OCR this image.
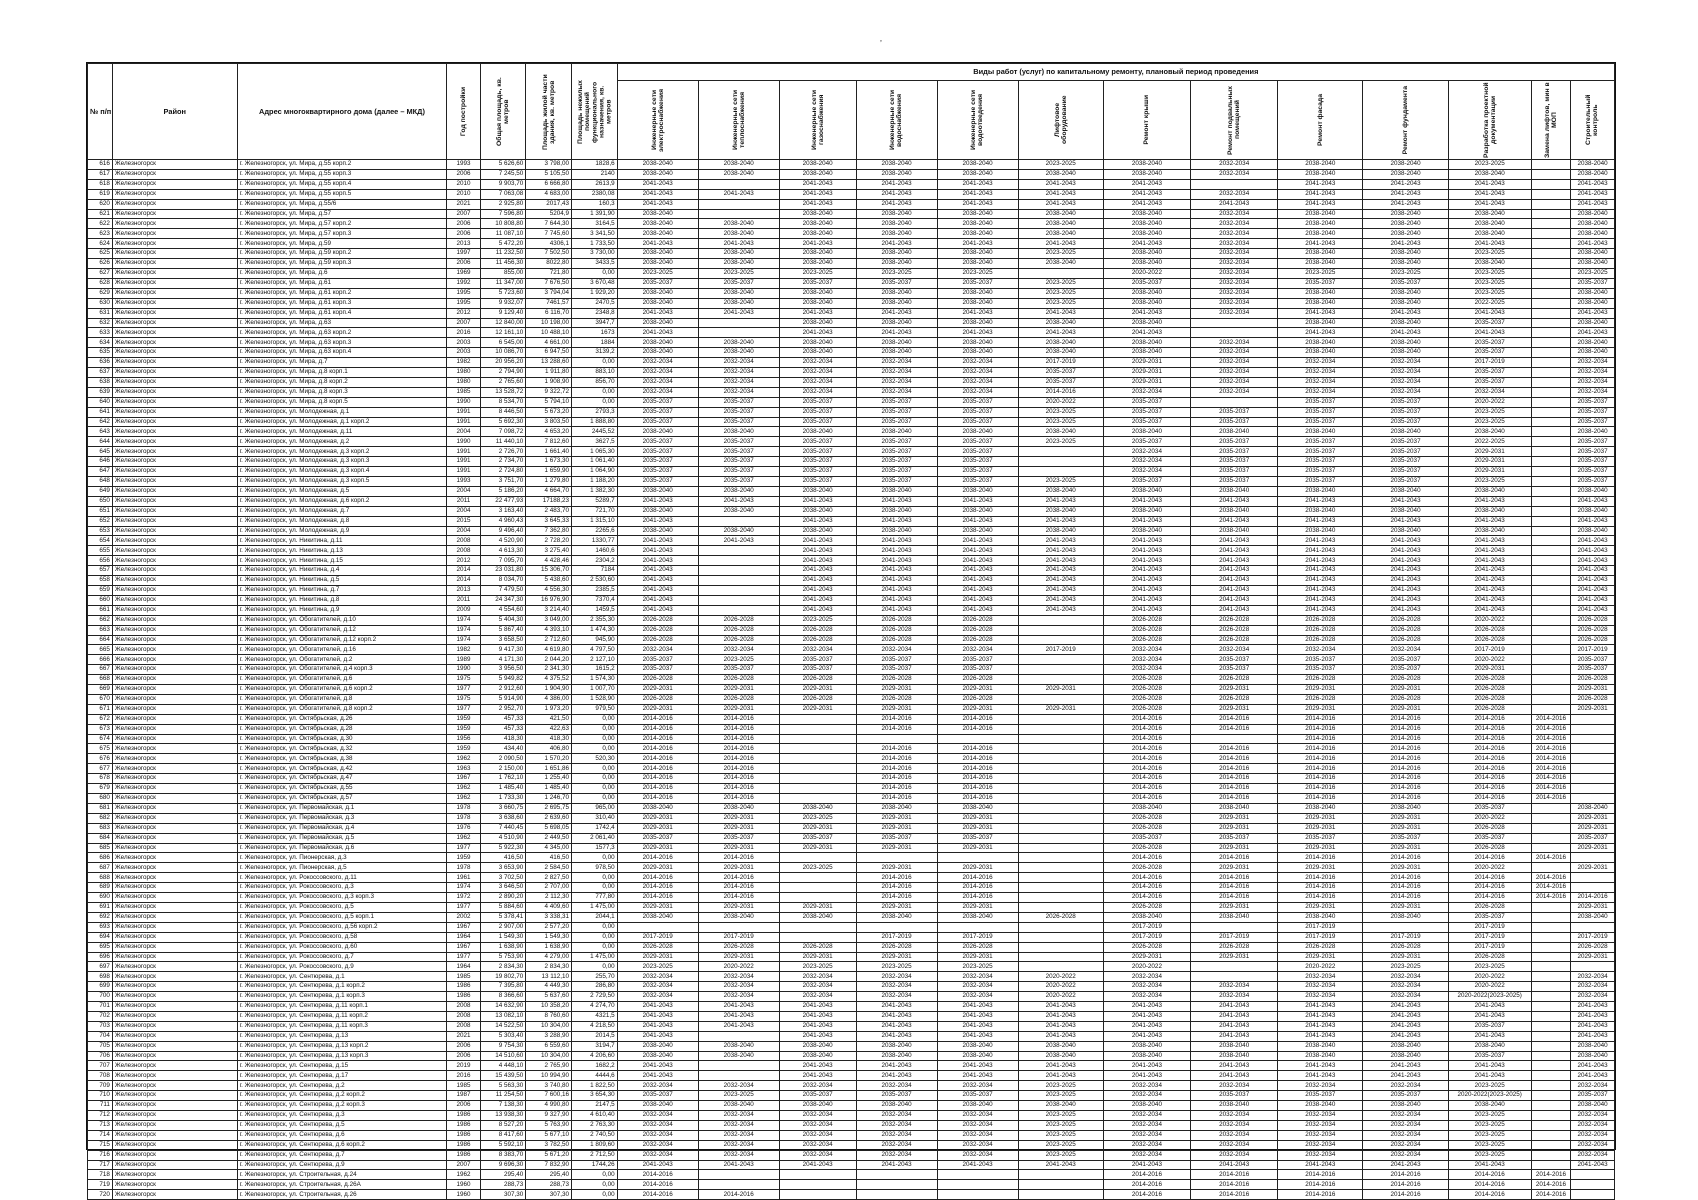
,
№ п/п	Район	Адрес многоквартирного дома (далее – МКД)	Год постройки	Общая площадь, кв. метров	Площадь жилой части здания, кв. метров	Площадь нежилых помещений функционального назначения, кв. метров	Виды работ (услуг) по капитальному ремонту, плановый период проведения												

							Инженерные сети электроснабжения	Инженерные сети теплоснабжения	Инженерные сети газоснабжения	Инженерные сети водоснабжения	Инженерные сети водоотведения	Лифтовое оборудование	Ремонт крыши	Ремонт подвальных помещений	Ремонт фасада	Ремонт фундамента	Разработка проектной документации	Замена лифтов, мин в МОП	Строительный контроль

616	Железногорск	г. Железногорск, ул. Мира, д.55 корп.2	1993	5 626,60	3 798,00	1828,6	2038-2040	2038-2040	2038-2040	2038-2040	2038-2040	2023-2025	2038-2040	2032-2034	2038-2040	2038-2040	2023-2025		2038-2040
617	Железногорск	г. Железногорск, ул. Мира, д.55 корп.3	2006	7 245,50	5 105,50	2140	2038-2040	2038-2040	2038-2040	2038-2040	2038-2040	2038-2040	2038-2040	2032-2034	2038-2040	2038-2040	2038-2040		2038-2040
618	Железногорск	г. Железногорск, ул. Мира, д.55 корп.4	2010	9 903,70	6 666,80	2613,9	2041-2043		2041-2043	2041-2043	2041-2043	2041-2043	2041-2043		2041-2043	2041-2043	2041-2043		2041-2043
619	Железногорск	г. Железногорск, ул. Мира, д.55 корп.5	2010	7 063,08	4 683,00	2380,08	2041-2043	2041-2043	2041-2043	2041-2043	2041-2043	2041-2043	2041-2043	2032-2034	2041-2043	2041-2043	2041-2043		2041-2043
620	Железногорск	г. Железногорск, ул. Мира, д.55/6	2021	2 925,80	2017,43	160,3	2041-2043		2041-2043	2041-2043	2041-2043	2041-2043	2041-2043	2041-2043	2041-2043	2041-2043	2041-2043		2041-2043
621	Железногорск	г. Железногорск, ул. Мира, д.57	2007	7 596,80	5204,9	1 391,90	2038-2040		2038-2040	2038-2040	2038-2040	2038-2040	2038-2040	2032-2034	2038-2040	2038-2040	2038-2040		2038-2040
622	Железногорск	г. Железногорск, ул. Мира, д.57 корп.2	2006	10 808,80	7 644,30	3164,5	2038-2040	2038-2040	2038-2040	2038-2040	2038-2040	2038-2040	2038-2040	2032-2034	2038-2040	2038-2040	2038-2040		2038-2040
623	Железногорск	г. Железногорск, ул. Мира, д.57 корп.3	2006	11 087,10	7 745,60	3 341,50	2038-2040	2038-2040	2038-2040	2038-2040	2038-2040	2038-2040	2038-2040	2032-2034	2038-2040	2038-2040	2038-2040		2038-2040
624	Железногорск	г. Железногорск, ул. Мира, д.59	2013	5 472,20	4306,1	1 733,50	2041-2043	2041-2043	2041-2043	2041-2043	2041-2043	2041-2043	2041-2043	2032-2034	2041-2043	2041-2043	2041-2043		2041-2043
625	Железногорск	г. Железногорск, ул. Мира, д.59 корп.2	1997	11 232,50	7 502,50	3 730,00	2038-2040	2038-2040	2038-2040	2038-2040	2038-2040	2023-2025	2038-2040	2032-2034	2038-2040	2038-2040	2023-2025		2038-2040
626	Железногорск	г. Железногорск, ул. Мира, д.59 корп.3	2006	11 456,30	8022,80	3433,5	2038-2040	2038-2040	2038-2040	2038-2040	2038-2040	2038-2040	2038-2040	2032-2034	2038-2040	2038-2040	2038-2040		2038-2040
627	Железногорск	г. Железногорск, ул. Мира, д.6	1969	855,00	721,80	0,00	2023-2025	2023-2025	2023-2025	2023-2025	2023-2025		2020-2022	2032-2034	2023-2025	2023-2025	2023-2025		2023-2025
628	Железногорск	г. Железногорск, ул. Мира, д.61	1992	11 347,00	7 676,50	3 670,48	2035-2037	2035-2037	2035-2037	2035-2037	2035-2037	2023-2025	2035-2037	2032-2034	2035-2037	2035-2037	2023-2025		2035-2037
629	Железногорск	г. Железногорск, ул. Мира, д.61 корп.2	1995	5 723,60	3 794,04	1 929,20	2038-2040	2038-2040	2038-2040	2038-2040	2038-2040	2023-2025	2038-2040	2032-2034	2038-2040	2038-2040	2023-2025		2038-2040
630	Железногорск	г. Железногорск, ул. Мира, д.61 корп.3	1995	9 932,07	7461,57	2470,5	2038-2040	2038-2040	2038-2040	2038-2040	2038-2040	2023-2025	2038-2040	2032-2034	2038-2040	2038-2040	2022-2025		2038-2040
631	Железногорск	г. Железногорск, ул. Мира, д.61 корп.4	2012	9 129,40	6 116,70	2348,8	2041-2043	2041-2043	2041-2043	2041-2043	2041-2043	2041-2043	2041-2043	2032-2034	2041-2043	2041-2043	2041-2043		2041-2043
632	Железногорск	г. Железногорск, ул. Мира, д.63	2007	12 840,00	10 198,00	3947,7	2038-2040		2038-2040	2038-2040	2038-2040	2038-2040	2038-2040		2038-2040	2038-2040	2035-2037		2038-2040
633	Железногорск	г. Железногорск, ул. Мира, д.63 корп.2	2016	12 161,10	10 488,10	1673	2041-2043		2041-2043	2041-2043	2041-2043	2041-2043	2041-2043		2041-2043	2041-2043	2041-2043		2041-2043
634	Железногорск	г. Железногорск, ул. Мира, д.63 корп.3	2003	6 545,00	4 661,00	1884	2038-2040	2038-2040	2038-2040	2038-2040	2038-2040	2038-2040	2038-2040	2032-2034	2038-2040	2038-2040	2035-2037		2038-2040
635	Железногорск	г. Железногорск, ул. Мира, д.63 корп.4	2003	10 086,70	6 947,50	3139,2	2038-2040	2038-2040	2038-2040	2038-2040	2038-2040	2038-2040	2038-2040	2032-2034	2038-2040	2038-2040	2035-2037		2038-2040
636	Железногорск	г. Железногорск, ул. Мира, д.7	1982	20 956,20	13 288,60	0,00	2032-2034	2032-2034	2032-2034	2032-2034	2032-2034	2017-2019	2029-2031	2032-2034	2032-2034	2032-2034	2017-2019		2032-2034
637	Железногорск	г. Железногорск, ул. Мира, д.8 корп.1	1980	2 794,90	1 911,80	883,10	2032-2034	2032-2034	2032-2034	2032-2034	2032-2034	2035-2037	2029-2031	2032-2034	2032-2034	2032-2034	2035-2037		2032-2034
638	Железногорск	г. Железногорск, ул. Мира, д.8 корп.2	1980	2 765,60	1 908,90	856,70	2032-2034	2032-2034	2032-2034	2032-2034	2032-2034	2035-2037	2029-2031	2032-2034	2032-2034	2032-2034	2035-2037		2032-2034
639	Железногорск	г. Железногорск, ул. Мира, д.8 корп.3	1985	13 528,72	9 322,72	0,00	2032-2034	2032-2034	2032-2034	2032-2034	2032-2034	2014-2016	2032-2034	2032-2034	2032-2034	2032-2034	2032-2034		2032-2034
640	Железногорск	г. Железногорск, ул. Мира, д.8 корп.5	1990	8 534,70	5 794,10	0,00	2035-2037	2035-2037	2035-2037	2035-2037	2035-2037	2020-2022	2035-2037		2035-2037	2035-2037	2020-2022		2035-2037
641	Железногорск	г. Железногорск, ул. Молодежная, д.1	1991	8 446,50	5 673,20	2793,3	2035-2037	2035-2037	2035-2037	2035-2037	2035-2037	2023-2025	2035-2037	2035-2037	2035-2037	2035-2037	2023-2025		2035-2037
642	Железногорск	г. Железногорск, ул. Молодежная, д.1 корп.2	1991	5 692,30	3 803,50	1 888,80	2035-2037	2035-2037	2035-2037	2035-2037	2035-2037	2023-2025	2035-2037	2035-2037	2035-2037	2035-2037	2023-2025		2035-2037
643	Железногорск	г. Железногорск, ул. Молодежная, д.11	2004	7 098,72	4 653,20	2445,52	2038-2040	2038-2040	2038-2040	2038-2040	2038-2040	2038-2040	2038-2040	2038-2040	2038-2040	2038-2040	2038-2040		2038-2040
644	Железногорск	г. Железногорск, ул. Молодежная, д.2	1990	11 440,10	7 812,60	3627,5	2035-2037	2035-2037	2035-2037	2035-2037	2035-2037	2023-2025	2035-2037	2035-2037	2035-2037	2035-2037	2022-2025		2035-2037
645	Железногорск	г. Железногорск, ул. Молодежная, д.3 корп.2	1991	2 726,70	1 661,40	1 065,30	2035-2037	2035-2037	2035-2037	2035-2037	2035-2037		2032-2034	2035-2037	2035-2037	2035-2037	2029-2031		2035-2037
646	Железногорск	г. Железногорск, ул. Молодежная, д.3 корп.3	1991	2 734,70	1 673,30	1 061,40	2035-2037	2035-2037	2035-2037	2035-2037	2035-2037		2032-2034	2035-2037	2035-2037	2035-2037	2029-2031		2035-2037
647	Железногорск	г. Железногорск, ул. Молодежная, д.3 корп.4	1991	2 724,80	1 659,90	1 064,90	2035-2037	2035-2037	2035-2037	2035-2037	2035-2037		2032-2034	2035-2037	2035-2037	2035-2037	2029-2031		2035-2037
648	Железногорск	г. Железногорск, ул. Молодежная, д.3 корп.5	1993	3 751,70	1 279,80	1 188,20	2035-2037	2035-2037	2035-2037	2035-2037	2035-2037	2023-2025	2035-2037	2035-2037	2035-2037	2035-2037	2023-2025		2035-2037
649	Железногорск	г. Железногорск, ул. Молодежная, д.5	2004	5 186,20	4 664,70	1 382,30	2038-2040	2038-2040	2038-2040	2038-2040	2038-2040	2038-2040	2038-2040	2038-2040	2038-2040	2038-2040	2038-2040		2038-2040
650	Железногорск	г. Железногорск, ул. Молодежная, д.6 корп.2	2011	22 477,93	17188,23	5289,7	2041-2043	2041-2043	2041-2043	2041-2043	2041-2043	2041-2043	2041-2043	2041-2043	2041-2043	2041-2043	2041-2043		2041-2043
651	Железногорск	г. Железногорск, ул. Молодежная, д.7	2004	3 163,40	2 483,70	721,70	2038-2040	2038-2040	2038-2040	2038-2040	2038-2040	2038-2040	2038-2040	2038-2040	2038-2040	2038-2040	2038-2040		2038-2040
652	Железногорск	г. Железногорск, ул. Молодежная, д.8	2015	4 960,43	3 645,33	1 315,10	2041-2043		2041-2043	2041-2043	2041-2043	2041-2043	2041-2043	2041-2043	2041-2043	2041-2043	2041-2043		2041-2043
653	Железногорск	г. Железногорск, ул. Молодежная, д.9	2004	9 496,40	7 362,80	2265,6	2038-2040	2038-2040	2038-2040	2038-2040	2038-2040	2038-2040	2038-2040	2038-2040	2038-2040	2038-2040	2038-2040		2038-2040
654	Железногорск	г. Железногорск, ул. Никитина, д.11	2008	4 520,90	2 728,20	1330,77	2041-2043	2041-2043	2041-2043	2041-2043	2041-2043	2041-2043	2041-2043	2041-2043	2041-2043	2041-2043	2041-2043		2041-2043
655	Железногорск	г. Железногорск, ул. Никитина, д.13	2008	4 613,30	3 275,40	1460,6	2041-2043		2041-2043	2041-2043	2041-2043	2041-2043	2041-2043	2041-2043	2041-2043	2041-2043	2041-2043		2041-2043
656	Железногорск	г. Железногорск, ул. Никитина, д.15	2012	7 095,70	4 428,46	2304,2	2041-2043		2041-2043	2041-2043	2041-2043	2041-2043	2041-2043	2041-2043	2041-2043	2041-2043	2041-2043		2041-2043
657	Железногорск	г. Железногорск, ул. Никитина, д.4	2014	23 031,80	15 306,70	7184	2041-2043		2041-2043	2041-2043	2041-2043	2041-2043	2041-2043	2041-2043	2041-2043	2041-2043	2041-2043		2041-2043
658	Железногорск	г. Железногорск, ул. Никитина, д.5	2014	8 034,70	5 438,60	2 530,60	2041-2043		2041-2043	2041-2043	2041-2043	2041-2043	2041-2043	2041-2043	2041-2043	2041-2043	2041-2043		2041-2043
659	Железногорск	г. Железногорск, ул. Никитина, д.7	2013	7 479,50	4 556,30	2385,5	2041-2043		2041-2043	2041-2043	2041-2043	2041-2043	2041-2043	2041-2043	2041-2043	2041-2043	2041-2043		2041-2043
660	Железногорск	г. Железногорск, ул. Никитина, д.8	2011	24 347,30	16 976,90	7370,4	2041-2043		2041-2043	2041-2043	2041-2043	2041-2043	2041-2043	2041-2043	2041-2043	2041-2043	2041-2043		2041-2043
661	Железногорск	г. Железногорск, ул. Никитина, д.9	2009	4 554,60	3 214,40	1459,5	2041-2043		2041-2043	2041-2043	2041-2043	2041-2043	2041-2043	2041-2043	2041-2043	2041-2043	2041-2043		2041-2043
662	Железногорск	г. Железногорск, ул. Обогатителей, д.10	1974	5 404,30	3 049,00	2 355,30	2026-2028	2026-2028	2023-2025	2026-2028	2026-2028		2026-2028	2026-2028	2026-2028	2026-2028	2020-2022		2026-2028
663	Железногорск	г. Железногорск, ул. Обогатителей, д.12	1974	5 867,40	4 393,10	1 474,30	2026-2028	2026-2028	2026-2028	2026-2028	2026-2028		2026-2028	2026-2028	2026-2028	2026-2028	2026-2028		2026-2028
664	Железногорск	г. Железногорск, ул. Обогатителей, д.12 корп.2	1974	3 658,50	2 712,60	945,90	2026-2028	2026-2028	2026-2028	2026-2028	2026-2028		2026-2028	2026-2028	2026-2028	2026-2028	2026-2028		2026-2028
665	Железногорск	г. Железногорск, ул. Обогатителей, д.16	1982	9 417,30	4 619,80	4 797,50	2032-2034	2032-2034	2032-2034	2032-2034	2032-2034	2017-2019	2032-2034	2032-2034	2032-2034	2032-2034	2017-2019		2017-2019
666	Железногорск	г. Железногорск, ул. Обогатителей, д.2	1989	4 171,30	2 044,20	2 127,10	2035-2037	2023-2025	2035-2037	2035-2037	2035-2037		2032-2034	2035-2037	2035-2037	2035-2037	2020-2022		2035-2037
667	Железногорск	г. Железногорск, ул. Обогатителей, д.4 корп.3	1990	3 956,50	2 341,30	1615,2	2035-2037	2035-2037	2035-2037	2035-2037	2035-2037		2032-2034	2035-2037	2035-2037	2035-2037	2029-2031		2035-2037
668	Железногорск	г. Железногорск, ул. Обогатителей, д.6	1975	5 949,82	4 375,52	1 574,30	2026-2028	2026-2028	2026-2028	2026-2028	2026-2028		2026-2028	2026-2028	2026-2028	2026-2028	2026-2028		2026-2028
669	Железногорск	г. Железногорск, ул. Обогатителей, д.6 корп.2	1977	2 912,60	1 904,90	1 007,70	2029-2031	2029-2031	2029-2031	2029-2031	2029-2031	2029-2031	2026-2028	2029-2031	2029-2031	2029-2031	2026-2028		2029-2031
670	Железногорск	г. Железногорск, ул. Обогатителей, д.8	1975	5 914,90	4 386,00	1 528,90	2026-2028	2026-2028	2026-2028	2026-2028	2026-2028		2026-2028	2026-2028	2026-2028	2026-2028	2026-2028		2026-2028
671	Железногорск	г. Железногорск, ул. Обогатителей, д.8 корп.2	1977	2 952,70	1 973,20	979,50	2029-2031	2029-2031	2029-2031	2029-2031	2029-2031	2029-2031	2026-2028	2029-2031	2029-2031	2029-2031	2026-2028		2029-2031
672	Железногорск	г. Железногорск, ул. Октябрьская, д.26	1959	457,33	421,50	0,00	2014-2016	2014-2016		2014-2016	2014-2016		2014-2016	2014-2016	2014-2016	2014-2016	2014-2016	2014-2016	
673	Железногорск	г. Железногорск, ул. Октябрьская, д.28	1959	457,33	422,63	0,00	2014-2016	2014-2016		2014-2016	2014-2016		2014-2016	2014-2016	2014-2016	2014-2016	2014-2016	2014-2016	
674	Железногорск	г. Железногорск, ул. Октябрьская, д.30	1956	418,30	418,30	0,00	2014-2016	2014-2016					2014-2016		2014-2016	2014-2016	2014-2016	2014-2016	
675	Железногорск	г. Железногорск, ул. Октябрьская, д.32	1959	434,40	406,80	0,00	2014-2016	2014-2016		2014-2016	2014-2016		2014-2016	2014-2016	2014-2016	2014-2016	2014-2016	2014-2016	
676	Железногорск	г. Железногорск, ул. Октябрьская, д.38	1962	2 090,50	1 570,20	520,30	2014-2016	2014-2016		2014-2016	2014-2016		2014-2016	2014-2016	2014-2016	2014-2016	2014-2016	2014-2016	
677	Железногорск	г. Железногорск, ул. Октябрьская, д.42	1963	2 150,00	1 651,86	0,00	2014-2016	2014-2016		2014-2016	2014-2016		2014-2016	2014-2016	2014-2016	2014-2016	2014-2016	2014-2016	
678	Железногорск	г. Железногорск, ул. Октябрьская, д.47	1967	1 762,10	1 255,40	0,00	2014-2016	2014-2016		2014-2016	2014-2016		2014-2016	2014-2016	2014-2016	2014-2016	2014-2016	2014-2016	
679	Железногорск	г. Железногорск, ул. Октябрьская, д.55	1962	1 485,40	1 485,40	0,00	2014-2016	2014-2016		2014-2016	2014-2016		2014-2016	2014-2016	2014-2016	2014-2016	2014-2016	2014-2016	
680	Железногорск	г. Железногорск, ул. Октябрьская, д.57	1962	1 733,30	1 246,70	0,00	2014-2016	2014-2016		2014-2016	2014-2016		2014-2016	2014-2016	2014-2016	2014-2016	2014-2016	2014-2016	
681	Железногорск	г. Железногорск, ул. Первомайская, д.1	1978	3 660,75	2 695,75	965,00	2038-2040	2038-2040	2038-2040	2038-2040	2038-2040		2038-2040	2038-2040	2038-2040	2038-2040	2035-2037		2038-2040
682	Железногорск	г. Железногорск, ул. Первомайская, д.3	1978	3 638,60	2 639,60	310,40	2029-2031	2029-2031	2023-2025	2029-2031	2029-2031		2026-2028	2029-2031	2029-2031	2029-2031	2020-2022		2029-2031
683	Железногорск	г. Железногорск, ул. Первомайская, д.4	1976	7 440,45	5 698,05	1742,4	2029-2031	2029-2031	2029-2031	2029-2031	2029-2031		2026-2028	2029-2031	2029-2031	2029-2031	2026-2028		2029-2031
684	Железногорск	г. Железногорск, ул. Первомайская, д.5	1962	4 510,90	2 449,50	2 061,40	2035-2037	2035-2037	2035-2037	2035-2037	2035-2037		2035-2037	2035-2037	2035-2037	2035-2037	2035-2037		2035-2037
685	Железногорск	г. Железногорск, ул. Первомайская, д.6	1977	5 922,30	4 345,00	1577,3	2029-2031	2029-2031	2029-2031	2029-2031	2029-2031		2026-2028	2029-2031	2029-2031	2029-2031	2026-2028		2029-2031
686	Железногорск	г. Железногорск, ул. Пионерская, д.3	1959	416,50	416,50	0,00	2014-2016	2014-2016					2014-2016	2014-2016	2014-2016	2014-2016	2014-2016	2014-2016	
687	Железногорск	г. Железногорск, ул. Пионерская, д.5	1978	3 653,90	2 584,50	978,50	2029-2031	2029-2031	2023-2025	2029-2031	2029-2031		2026-2028	2029-2031	2029-2031	2029-2031	2020-2022		2029-2031
688	Железногорск	г. Железногорск, ул. Рокоссовского, д.11	1961	3 702,50	2 827,50	0,00	2014-2016	2014-2016		2014-2016	2014-2016		2014-2016	2014-2016	2014-2016	2014-2016	2014-2016	2014-2016	
689	Железногорск	г. Железногорск, ул. Рокоссовского, д.3	1974	3 646,50	2 707,00	0,00	2014-2016	2014-2016		2014-2016	2014-2016		2014-2016	2014-2016	2014-2016	2014-2016	2014-2016	2014-2016	
690	Железногорск	г. Железногорск, ул. Рокоссовского, д.3 корп.3	1972	2 890,20	2 112,30	777,80	2014-2016	2014-2016		2014-2016	2014-2016		2014-2016	2014-2016	2014-2016	2014-2016	2014-2016	2014-2016	2014-2016
691	Железногорск	г. Железногорск, ул. Рокоссовского, д.5	1977	5 884,60	4 409,60	1 475,00	2029-2031	2029-2031	2029-2031	2029-2031	2029-2031		2026-2028	2029-2031	2029-2031	2029-2031	2026-2028		2029-2031
692	Железногорск	г. Железногорск, ул. Рокоссовского, д.5 корп.1	2002	5 378,41	3 338,31	2044,1	2038-2040	2038-2040	2038-2040	2038-2040	2038-2040	2026-2028	2038-2040	2038-2040	2038-2040	2038-2040	2035-2037		2038-2040
693	Железногорск	г. Железногорск, ул. Рокоссовского, д.56 корп.2	1967	2 907,00	2 577,20	0,00							2017-2019		2017-2019		2017-2019		
694	Железногорск	г. Железногорск, ул. Рокоссовского, д.58	1964	1 549,30	1 549,30	0,00	2017-2019	2017-2019		2017-2019	2017-2019		2017-2019	2017-2019	2017-2019	2017-2019	2017-2019		2017-2019
695	Железногорск	г. Железногорск, ул. Рокоссовского, д.60	1967	1 638,90	1 638,90	0,00	2026-2028	2026-2028	2026-2028	2026-2028	2026-2028		2026-2028	2026-2028	2026-2028	2026-2028	2017-2019		2026-2028
696	Железногорск	г. Железногорск, ул. Рокоссовского, д.7	1977	5 753,90	4 279,00	1 475,00	2029-2031	2029-2031	2029-2031	2029-2031	2029-2031		2029-2031	2029-2031	2029-2031	2029-2031	2026-2028		2029-2031
697	Железногорск	г. Железногорск, ул. Рокоссовского, д.9	1964	2 834,30	2 834,30	0,00	2023-2025	2020-2022	2023-2025	2023-2025	2023-2025		2020-2022		2020-2022	2023-2025	2023-2025		
698	Железногорск	г. Железногорск, ул. Сентюрева, д.1	1985	19 802,70	13 112,10	255,70	2032-2034	2032-2034	2032-2034	2032-2034	2032-2034	2020-2022	2032-2034		2032-2034	2032-2034	2020-2022		2032-2034
699	Железногорск	г. Железногорск, ул. Сентюрева, д.1 корп.2	1986	7 395,80	4 449,30	286,80	2032-2034	2032-2034	2032-2034	2032-2034	2032-2034	2020-2022	2032-2034	2032-2034	2032-2034	2032-2034	2020-2022		2032-2034
700	Железногорск	г. Железногорск, ул. Сентюрева, д.1 корп.3	1986	8 366,60	5 637,60	2 729,50	2032-2034	2032-2034	2032-2034	2032-2034	2032-2034	2020-2022	2032-2034	2032-2034	2032-2034	2032-2034	2020-2022(2023-2025)		2032-2034
701	Железногорск	г. Железногорск, ул. Сентюрева, д.11 корп.1	2008	14 632,90	10 358,20	4 274,70	2041-2043	2041-2043	2041-2043	2041-2043	2041-2043	2041-2043	2041-2043	2041-2043	2041-2043	2041-2043	2041-2043		2041-2043
702	Железногорск	г. Железногорск, ул. Сентюрева, д.11 корп.2	2008	13 082,10	8 760,60	4321,5	2041-2043	2041-2043	2041-2043	2041-2043	2041-2043	2041-2043	2041-2043	2041-2043	2041-2043	2041-2043	2041-2043		2041-2043
703	Железногорск	г. Железногорск, ул. Сентюрева, д.11 корп.3	2008	14 522,50	10 304,00	4 218,50	2041-2043	2041-2043	2041-2043	2041-2043	2041-2043	2041-2043	2041-2043	2041-2043	2041-2043	2041-2043	2035-2037		2041-2043
704	Железногорск	г. Железногорск, ул. Сентюрева, д.13	2021	5 303,40	3 288,90	2014,5	2041-2043		2041-2043	2041-2043	2041-2043	2041-2043	2041-2043	2041-2043	2041-2043	2041-2043	2041-2043		2041-2043
705	Железногорск	г. Железногорск, ул. Сентюрева, д.13 корп.2	2006	9 754,30	6 559,60	3194,7	2038-2040	2038-2040	2038-2040	2038-2040	2038-2040	2038-2040	2038-2040	2038-2040	2038-2040	2038-2040	2038-2040		2038-2040
706	Железногорск	г. Железногорск, ул. Сентюрева, д.13 корп.3	2006	14 510,60	10 304,00	4 206,60	2038-2040	2038-2040	2038-2040	2038-2040	2038-2040	2038-2040	2038-2040	2038-2040	2038-2040	2038-2040	2035-2037		2038-2040
707	Железногорск	г. Железногорск, ул. Сентюрева, д.15	2019	4 448,10	2 765,90	1682,2	2041-2043		2041-2043	2041-2043	2041-2043	2041-2043	2041-2043	2041-2043	2041-2043	2041-2043	2041-2043		2041-2043
708	Железногорск	г. Железногорск, ул. Сентюрева, д.17	2016	15 439,50	10 994,90	4444,6	2041-2043		2041-2043	2041-2043	2041-2043	2041-2043	2041-2043	2041-2043	2041-2043	2041-2043	2041-2043		2041-2043
709	Железногорск	г. Железногорск, ул. Сентюрева, д.2	1985	5 563,30	3 740,80	1 822,50	2032-2034	2032-2034	2032-2034	2032-2034	2032-2034	2023-2025	2032-2034	2032-2034	2032-2034	2032-2034	2023-2025		2032-2034
710	Железногорск	г. Железногорск, ул. Сентюрева, д.2 корп.2	1987	11 254,50	7 600,16	3 654,30	2035-2037	2023-2025	2035-2037	2035-2037	2035-2037	2023-2025	2032-2034	2035-2037	2035-2037	2035-2037	2020-2022(2023-2025)		2035-2037
711	Железногорск	г. Железногорск, ул. Сентюрева, д.2 корп.3	2006	7 138,30	4 990,80	2147,5	2038-2040	2038-2040	2038-2040	2038-2040	2038-2040	2038-2040	2038-2040	2038-2040	2038-2040	2038-2040	2038-2040		2038-2040
712	Железногорск	г. Железногорск, ул. Сентюрева, д.3	1986	13 938,30	9 327,90	4 610,40	2032-2034	2032-2034	2032-2034	2032-2034	2032-2034	2023-2025	2032-2034	2032-2034	2032-2034	2032-2034	2023-2025		2032-2034
713	Железногорск	г. Железногорск, ул. Сентюрева, д.5	1986	8 527,20	5 763,90	2 763,30	2032-2034	2032-2034	2032-2034	2032-2034	2032-2034	2023-2025	2032-2034	2032-2034	2032-2034	2032-2034	2023-2025		2032-2034
714	Железногорск	г. Железногорск, ул. Сентюрева, д.6	1986	8 417,60	5 677,10	2 740,50	2032-2034	2032-2034	2032-2034	2032-2034	2032-2034	2023-2025	2032-2034	2032-2034	2032-2034	2032-2034	2023-2025		2032-2034
715	Железногорск	г. Железногорск, ул. Сентюрева, д.6 корп.2	1986	5 592,10	3 782,50	1 809,60	2032-2034	2032-2034	2032-2034	2032-2034	2032-2034	2023-2025	2032-2034	2032-2034	2032-2034	2032-2034	2023-2025		2032-2034
716	Железногорск	г. Железногорск, ул. Сентюрева, д.7	1986	8 383,70	5 671,20	2 712,50	2032-2034	2032-2034	2032-2034	2032-2034	2032-2034	2023-2025	2032-2034	2032-2034	2032-2034	2032-2034	2023-2025		2032-2034
717	Железногорск	г. Железногорск, ул. Сентюрева, д.9	2007	9 696,30	7 832,90	1744,26	2041-2043	2041-2043	2041-2043	2041-2043	2041-2043	2041-2043	2041-2043	2041-2043	2041-2043	2041-2043	2041-2043		2041-2043
718	Железногорск	г. Железногорск, ул. Строительная, д.24	1962	295,40	295,40	0,00	2014-2016						2014-2016	2014-2016	2014-2016	2014-2016	2014-2016	2014-2016	
719	Железногорск	г. Железногорск, ул. Строительная, д.26А	1960	288,73	288,73	0,00	2014-2016						2014-2016	2014-2016	2014-2016	2014-2016	2014-2016	2014-2016	
720	Железногорск	г. Железногорск, ул. Строительная, д.26	1960	307,30	307,30	0,00	2014-2016	2014-2016					2014-2016	2014-2016	2014-2016	2014-2016	2014-2016	2014-2016	
